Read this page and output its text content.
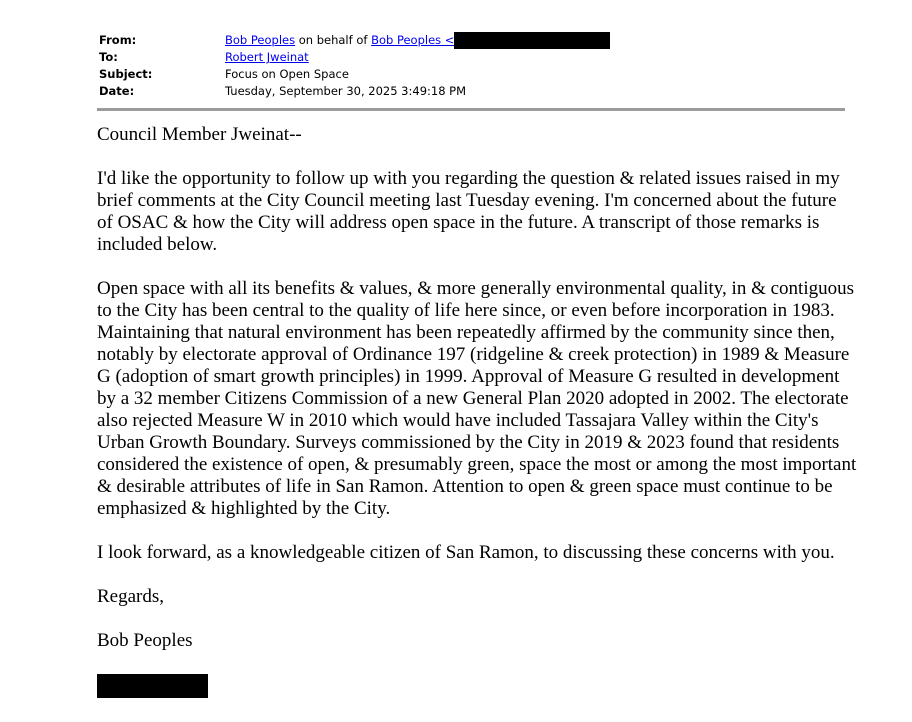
From:	Bob Peoples on behalf of Bob Peoples <
To:	Robert Jweinat
Subject:	Focus on Open Space
Date:	Tuesday, September 30, 2025 3:49:18 PM

Council Member Jweinat--

I'd like the opportunity to follow up with you regarding the question & related issues raised in my brief comments at the City Council meeting last Tuesday evening. I'm concerned about the future of OSAC & how the City will address open space in the future. A transcript of those remarks is included below.

Open space with all its benefits & values, & more generally environmental quality, in & contiguous to the City has been central to the quality of life here since, or even before incorporation in 1983. Maintaining that natural environment has been repeatedly affirmed by the community since then, notably by electorate approval of Ordinance 197 (ridgeline & creek protection) in 1989 & Measure G (adoption of smart growth principles) in 1999. Approval of Measure G resulted in development by a 32 member Citizens Commission of a new General Plan 2020 adopted in 2002. The electorate also rejected Measure W in 2010 which would have included Tassajara Valley within the City's Urban Growth Boundary. Surveys commissioned by the City in 2019 & 2023 found that residents considered the existence of open, & presumably green, space the most or among the most important & desirable attributes of life in San Ramon. Attention to open & green space must continue to be emphasized & highlighted by the City.

I look forward, as a knowledgeable citizen of San Ramon, to discussing these concerns with you.

Regards,

Bob Peoples
